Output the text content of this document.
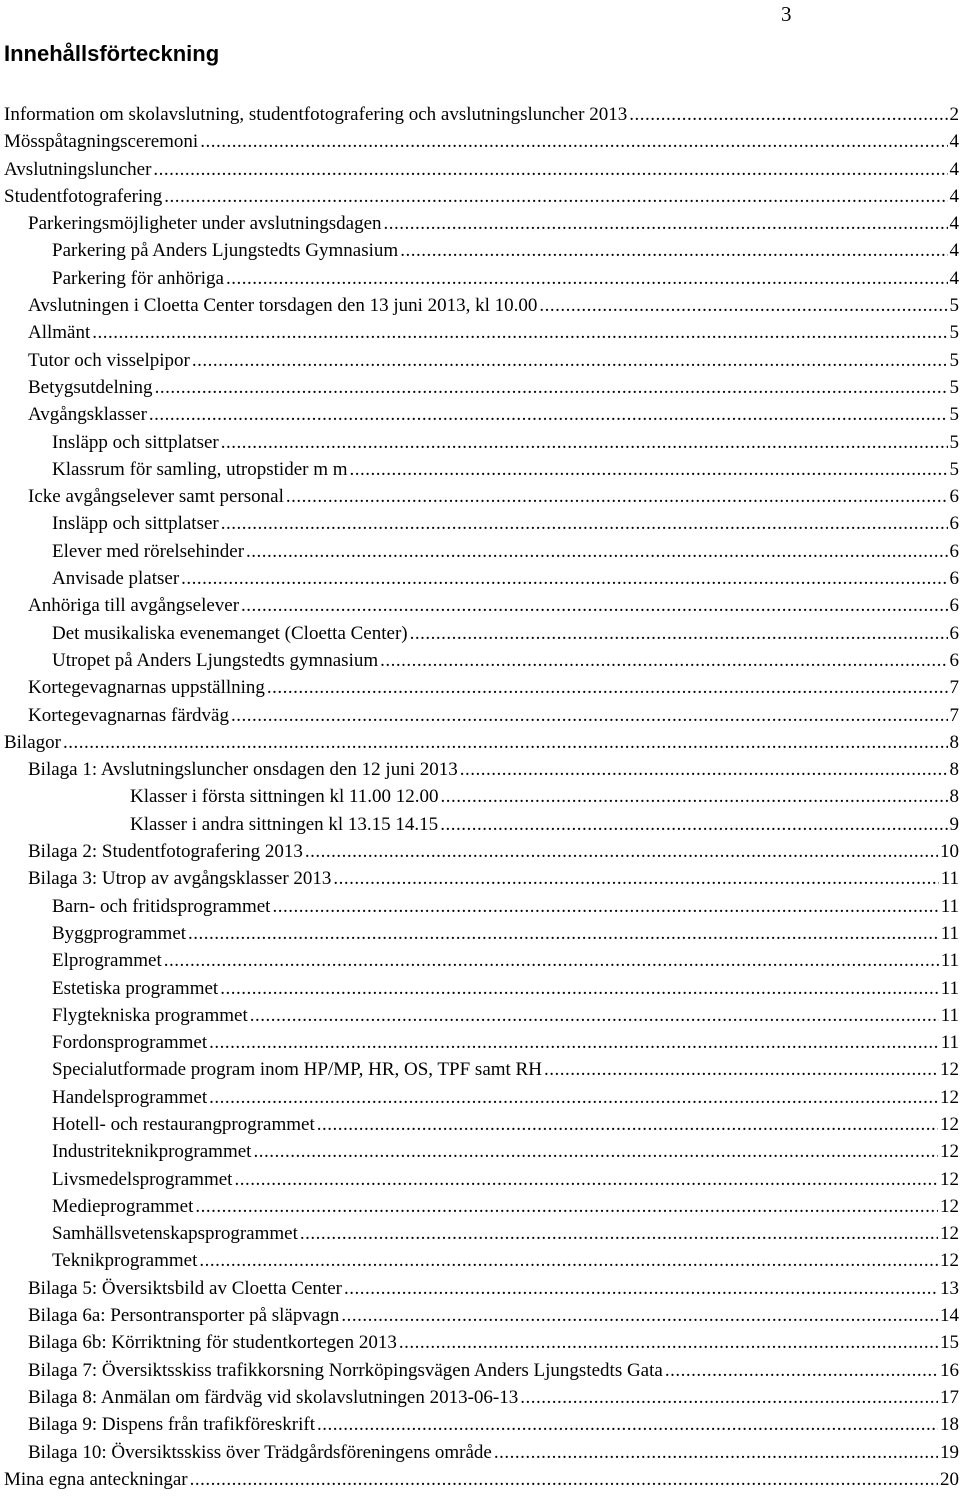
3
Innehållsförteckning
Information om skolavslutning, studentfotografering och avslutningsluncher 2013 .....	2
Mösspåtagningsceremoni .....	4
Avslutningsluncher .....	4
Studentfotografering .....	4
Parkeringsmöjligheter under avslutningsdagen .....	4
Parkering på Anders Ljungstedts Gymnasium .....	4
Parkering för anhöriga .....	4
Avslutningen i Cloetta Center torsdagen den 13 juni 2013, kl 10.00 .....	5
Allmänt .....	5
Tutor och visselpipor .....	5
Betygsutdelning .....	5
Avgångsklasser .....	5
Insläpp och sittplatser .....	5
Klassrum för samling, utropstider m m .....	5
Icke avgångselever samt personal .....	6
Insläpp och sittplatser .....	6
Elever med rörelsehinder .....	6
Anvisade platser .....	6
Anhöriga till avgångselever .....	6
Det musikaliska evenemanget (Cloetta Center) .....	6
Utropet på Anders Ljungstedts gymnasium .....	6
Kortegevagnarnas uppställning .....	7
Kortegevagnarnas färdväg .....	7
Bilagor .....	8
Bilaga 1: Avslutningsluncher onsdagen den 12 juni 2013 .....	8
Klasser i första sittningen kl 11.00 12.00 .....	8
Klasser i andra sittningen kl 13.15 14.15 .....	9
Bilaga 2: Studentfotografering 2013 .....	10
Bilaga 3: Utrop av avgångsklasser 2013 .....	11
Barn- och fritidsprogrammet .....	11
Byggprogrammet .....	11
Elprogrammet .....	11
Estetiska programmet .....	11
Flygtekniska programmet .....	11
Fordonsprogrammet .....	11
Specialutformade program inom HP/MP, HR, OS, TPF samt RH .....	12
Handelsprogrammet .....	12
Hotell- och restaurangprogrammet .....	12
Industriteknikprogrammet .....	12
Livsmedelsprogrammet .....	12
Medieprogrammet .....	12
Samhällsvetenskapsprogrammet .....	12
Teknikprogrammet .....	12
Bilaga 5: Översiktsbild av Cloetta Center .....	13
Bilaga 6a: Persontransporter på släpvagn .....	14
Bilaga 6b: Körriktning för studentkortegen 2013 .....	15
Bilaga 7: Översiktsskiss trafikkorsning Norrköpingsvägen Anders Ljungstedts Gata .....	16
Bilaga 8: Anmälan om färdväg vid skolavslutningen 2013-06-13 .....	17
Bilaga 9: Dispens från trafikföreskrift .....	18
Bilaga 10: Översiktsskiss över Trädgårdsföreningens område .....	19
Mina egna anteckningar .....	20
